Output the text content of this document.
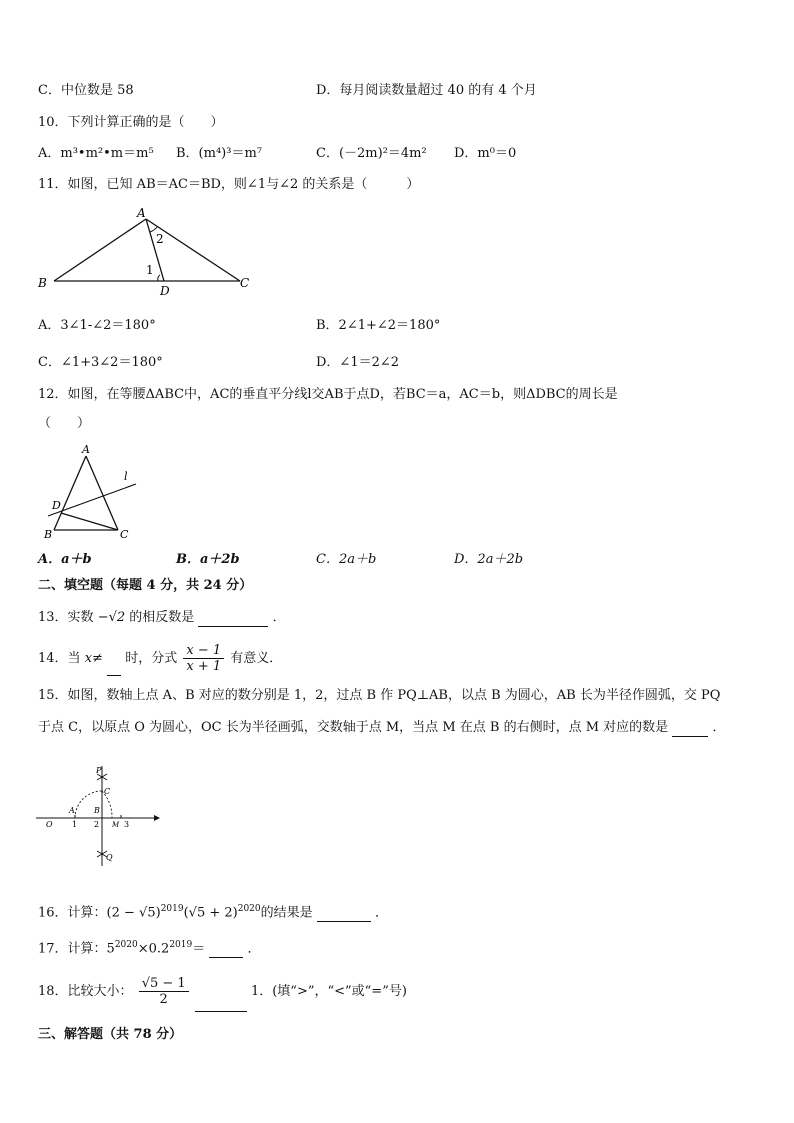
C．中位数是 58	D．每月阅读数量超过 40 的有 4 个月
10．下列计算正确的是（　　）
A．m³•m²•m＝m⁵ B．(m⁴)³＝m⁷	C．(－2m)²＝4m² D．m⁰＝0
11．如图，已知 AB＝AC＝BD，则∠1与∠2 的关系是（　　　）
A
B	C
D
1
2
A．3∠1-∠2＝180°	B．2∠1+∠2＝180°
C．∠1+3∠2＝180°	D．∠1＝2∠2
12．如图，在等腰ΔABC中，AC的垂直平分线l交AB于点D，若BC＝a，AC＝b，则ΔDBC的周长是
（　　）
A
B	C
D
l
A．a＋b	B．a＋2b	C．2a＋b	D．2a＋2b
二、填空题（每题 4 分，共 24 分）
13．实数 −√2 的相反数是	．
14．当 x≠ 时，分式 $\frac{x - 1}{x + 1}$ 有意义．
15．如图，数轴上点 A、B 对应的数分别是 1，2，过点 B 作 PQ⊥AB，以点 B 为圆心，AB 长为半径作圆弧，交 PQ
于点 C，以原点 O 为圆心，OC 长为半径画弧，交数轴于点 M，当点 M 在点 B 的右侧时，点 M 对应的数是	．
P
C
A B
O 1 2	3
M
Q
16．计算：$(2 - √5)^{2019}(√5 + 2)^{2020}$的结果是	．
17．计算：$5^{2020}\times 0.2^{2019}=$	．
18．比较大小： $\frac{√5 - 1}{2}$	1．(填“>”，“<”或“=”号)
三、解答题（共 78 分）
